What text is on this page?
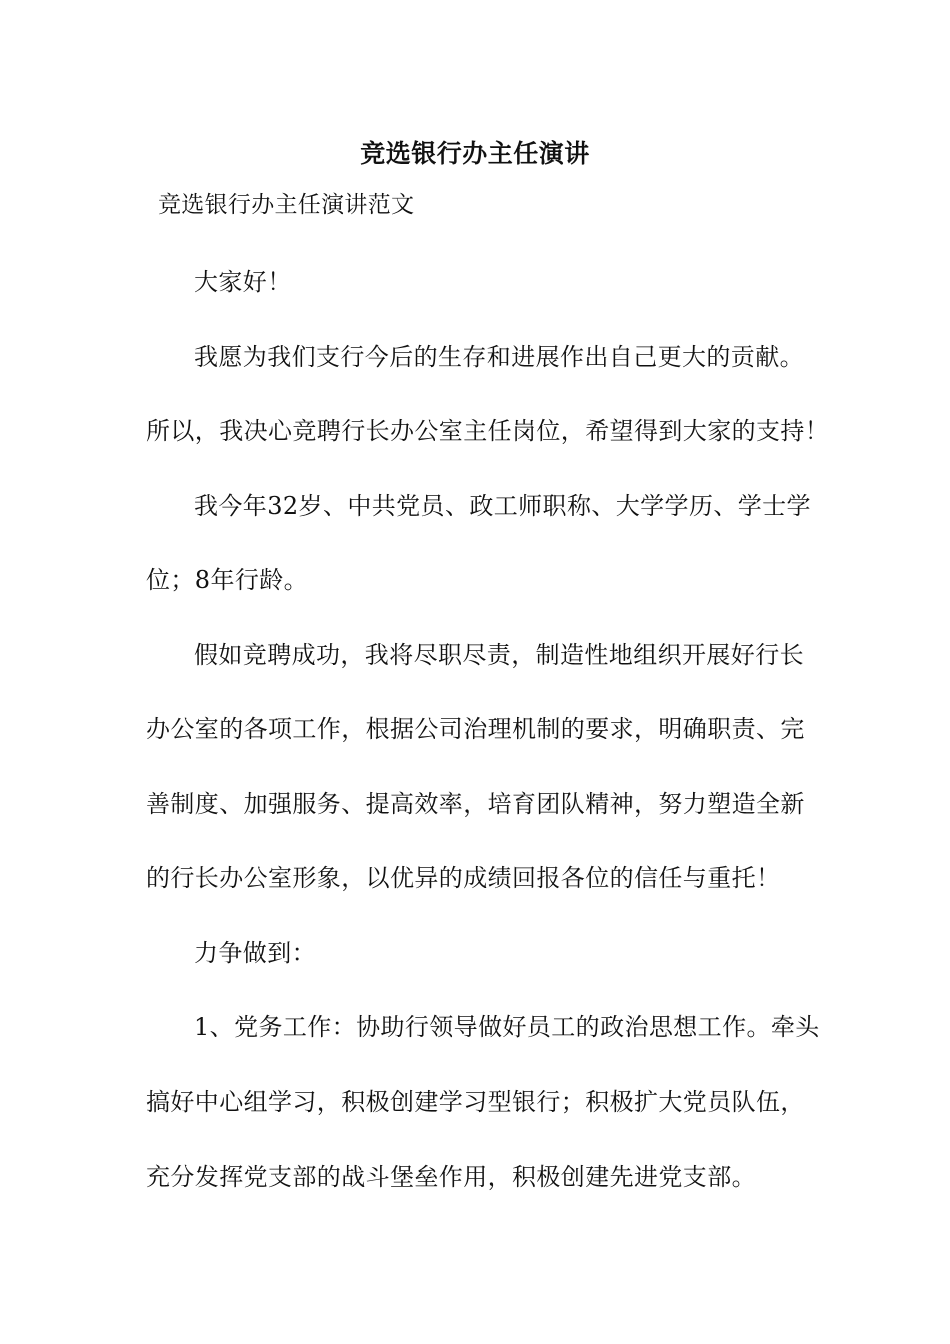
竞选银行办主任演讲
竞选银行办主任演讲范文
大家好！
我愿为我们支行今后的生存和进展作出自己更大的贡献。
所以，我决心竞聘行长办公室主任岗位，希望得到大家的支持！
我今年32岁、中共党员、政工师职称、大学学历、学士学
位；8年行龄。
假如竞聘成功，我将尽职尽责，制造性地组织开展好行长
办公室的各项工作，根据公司治理机制的要求，明确职责、完
善制度、加强服务、提高效率，培育团队精神，努力塑造全新
的行长办公室形象，以优异的成绩回报各位的信任与重托！
力争做到：
1、党务工作：协助行领导做好员工的政治思想工作。牵头
搞好中心组学习，积极创建学习型银行；积极扩大党员队伍，
充分发挥党支部的战斗堡垒作用，积极创建先进党支部。
